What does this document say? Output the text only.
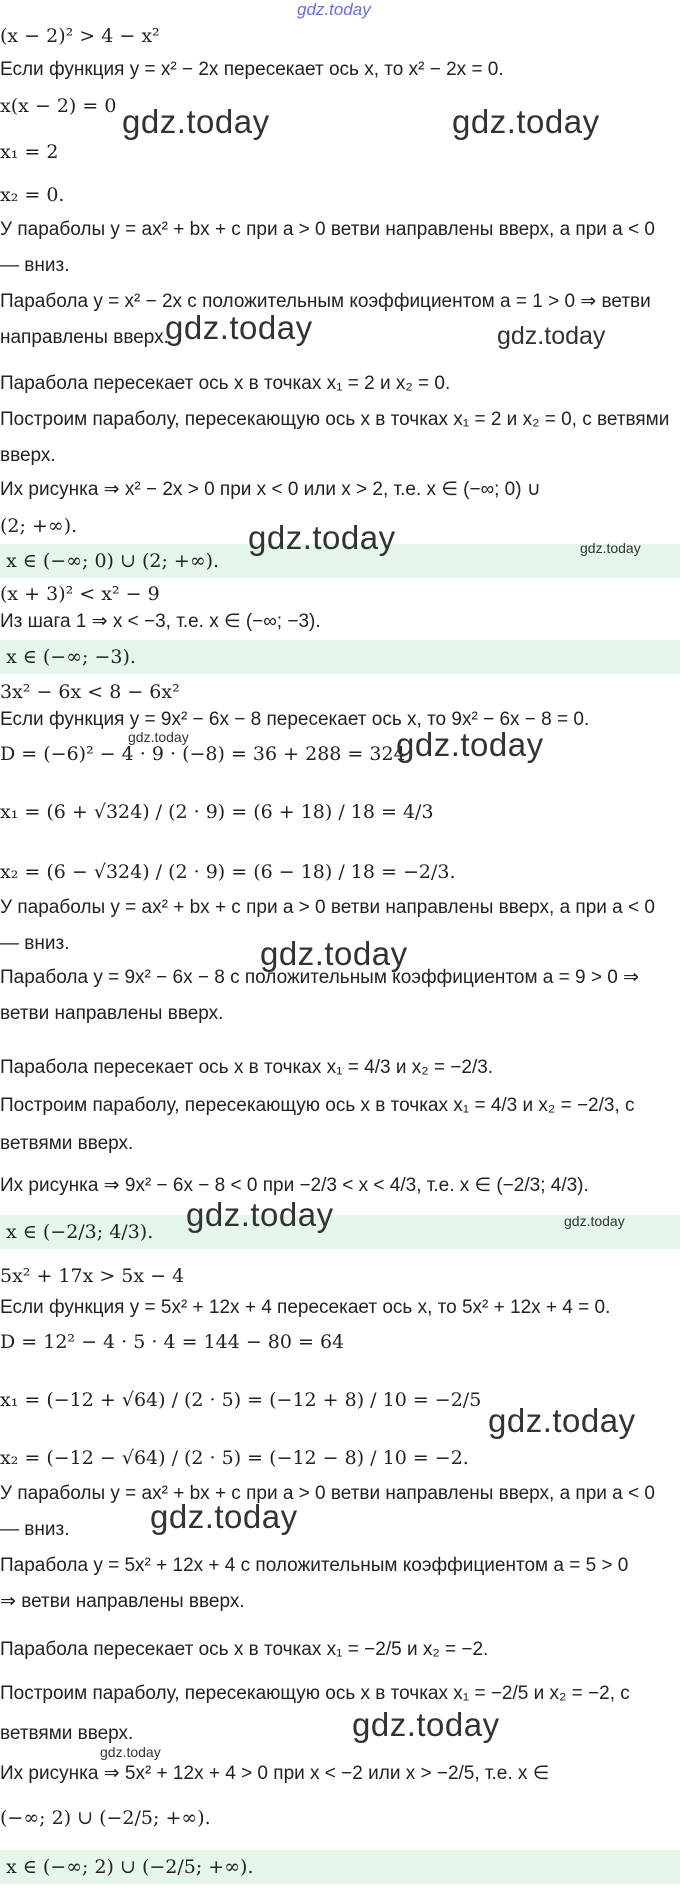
gdz.today
(x − 2)² > 4 − x²
Если функция y = x² − 2x пересекает ось x, то x² − 2x = 0.
x(x − 2) = 0
x₁ = 2
x₂ = 0.
У параболы y = ax² + bx + c при a > 0 ветви направлены вверх, а при a < 0
— вниз.
Парабола y = x² − 2x с положительным коэффициентом a = 1 > 0 ⇒ ветви
направлены вверх.
Парабола пересекает ось x в точках x₁ = 2 и x₂ = 0.
Построим параболу, пересекающую ось x в точках x₁ = 2 и x₂ = 0, с ветвями
вверх.
Их рисунка ⇒ x² − 2x > 0 при x < 0 или x > 2, т.е. x ∈ (−∞; 0) ∪
(2; +∞).
x ∈ (−∞; 0) ∪ (2; +∞).
(x + 3)² < x² − 9
Из шага 1 ⇒ x < −3, т.е. x ∈ (−∞; −3).
x ∈ (−∞; −3).
3x² − 6x < 8 − 6x²
Если функция y = 9x² − 6x − 8 пересекает ось x, то 9x² − 6x − 8 = 0.
D = (−6)² − 4 · 9 · (−8) = 36 + 288 = 324
x₁ = (6 + √324) / (2 · 9) = (6 + 18) / 18 = 4/3
x₂ = (6 − √324) / (2 · 9) = (6 − 18) / 18 = −2/3.
У параболы y = ax² + bx + c при a > 0 ветви направлены вверх, а при a < 0
— вниз.
Парабола y = 9x² − 6x − 8 с положительным коэффициентом a = 9 > 0 ⇒
ветви направлены вверх.
Парабола пересекает ось x в точках x₁ = 4/3 и x₂ = −2/3.
Построим параболу, пересекающую ось x в точках x₁ = 4/3 и x₂ = −2/3, с
ветвями вверх.
Их рисунка ⇒ 9x² − 6x − 8 < 0 при −2/3 < x < 4/3, т.е. x ∈ (−2/3; 4/3).
x ∈ (−2/3; 4/3).
5x² + 17x > 5x − 4
Если функция y = 5x² + 12x + 4 пересекает ось x, то 5x² + 12x + 4 = 0.
D = 12² − 4 · 5 · 4 = 144 − 80 = 64
x₁ = (−12 + √64) / (2 · 5) = (−12 + 8) / 10 = −2/5
x₂ = (−12 − √64) / (2 · 5) = (−12 − 8) / 10 = −2.
У параболы y = ax² + bx + c при a > 0 ветви направлены вверх, а при a < 0
— вниз.
Парабола y = 5x² + 12x + 4 с положительным коэффициентом a = 5 > 0
⇒ ветви направлены вверх.
Парабола пересекает ось x в точках x₁ = −2/5 и x₂ = −2.
Построим параболу, пересекающую ось x в точках x₁ = −2/5 и x₂ = −2, с
ветвями вверх.
Их рисунка ⇒ 5x² + 12x + 4 > 0 при x < −2 или x > −2/5, т.е. x ∈
(−∞; 2) ∪ (−2/5; +∞).
x ∈ (−∞; 2) ∪ (−2/5; +∞).
gdz.today	gdz.today
gdz.today	gdz.today
gdz.today	gdz.today
gdz.today	gdz.today
gdz.today
gdz.today	gdz.today
gdz.today
gdz.today
gdz.today
gdz.today
